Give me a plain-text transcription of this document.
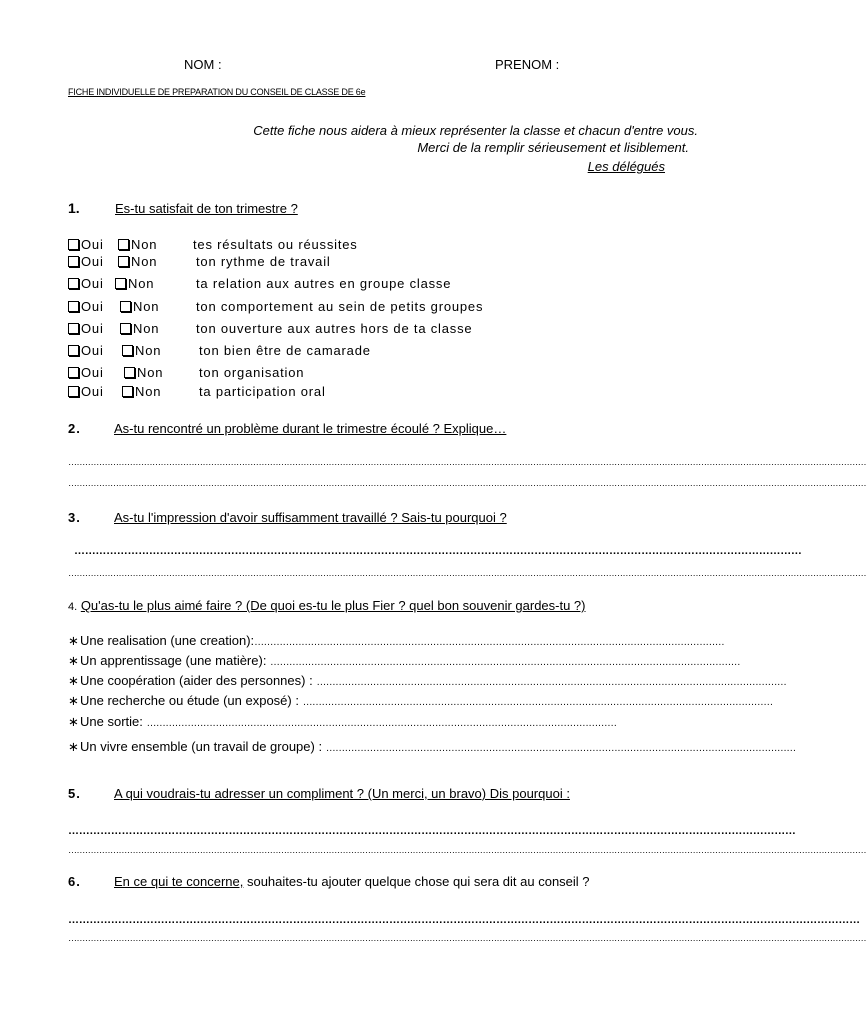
NOM :	PRENOM :
FICHE INDIVIDUELLE DE PREPARATION DU CONSEIL DE CLASSE DE 6e
Cette fiche nous aidera à mieux représenter la classe et chacun d'entre vous.
Merci de la remplir sérieusement et lisiblement.
Les délégués
1.	Es-tu satisfait de ton trimestre ?
Oui	Non	tes résultats ou réussites
Oui	Non	ton rythme de travail
Oui	Non	ta relation aux autres en groupe classe
Oui	Non	ton comportement au sein de petits groupes
Oui	Non	ton ouverture aux autres hors de ta classe
Oui	Non	ton bien être de camarade
Oui	Non	ton organisation
Oui	Non	ta participation oral
2.	As-tu rencontré un problème durant le trimestre écoulé ? Explique…
……………………………………………………………………………………………………………………………………………………………………………………………………………………………………………………………
……………………………………………………………………………………………………………………………………………………………………………………………………………………………………………………………
3.	As-tu l'impression d'avoir suffisamment travaillé ? Sais-tu pourquoi ?
……………………………………………………………………………………………………………………………………………………………………………………
……………………………………………………………………………………………………………………………………………………………………………………………………………………………………………………………
4. Qu'as-tu le plus aimé faire ? (De quoi es-tu le plus Fier ? quel bon souvenir gardes-tu ?)
∗Une realisation (une creation):……………………………………………………………………………………………………………………………………
∗Un apprentissage (une matière): ……………………………………………………………………………………………………………………………………
∗Une coopération (aider des personnes) : ……………………………………………………………………………………………………………………………………
∗Une recherche ou étude (un exposé) : ……………………………………………………………………………………………………………………………………
∗Une sortie: ……………………………………………………………………………………………………………………………………
∗Un vivre ensemble (un travail de groupe) : ……………………………………………………………………………………………………………………………………
5.	A qui voudrais-tu adresser un compliment ? (Un merci, un bravo) Dis pourquoi :
……………………………………………………………………………………………………………………………………………………………………………………
……………………………………………………………………………………………………………………………………………………………………………………………………………………………………………………………
6.	En ce qui te concerne, souhaites-tu ajouter quelque chose qui sera dit au conseil ?
……………………………………………………………………………………………………………………………………………………………………………………………………
……………………………………………………………………………………………………………………………………………………………………………………………………………………………………………………………
